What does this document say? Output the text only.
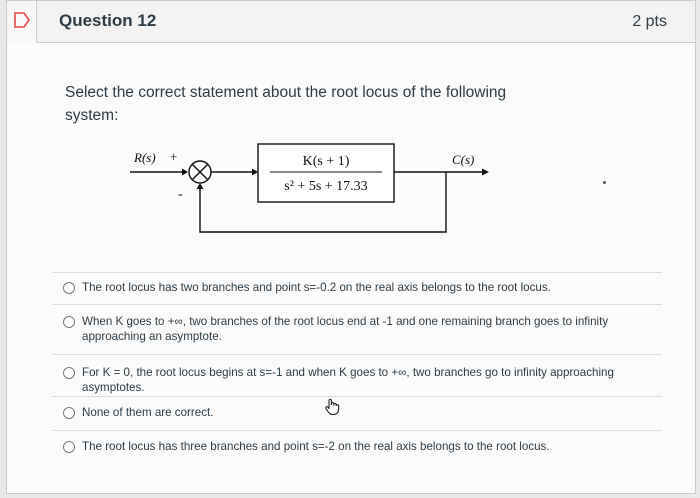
Question 12	2 pts
Select the correct statement about the root locus of the following system:
R(s) +
-
K(s + 1)
s² + 5s + 17.33
C(s)
The root locus has two branches and point s=-0.2 on the real axis belongs to the root locus.
When K goes to +∞, two branches of the root locus end at -1 and one remaining branch goes to infinity approaching an asymptote.
For K = 0, the root locus begins at s=-1 and when K goes to +∞, two branches go to infinity approaching asymptotes.
None of them are correct.
The root locus has three branches and point s=-2 on the real axis belongs to the root locus.
